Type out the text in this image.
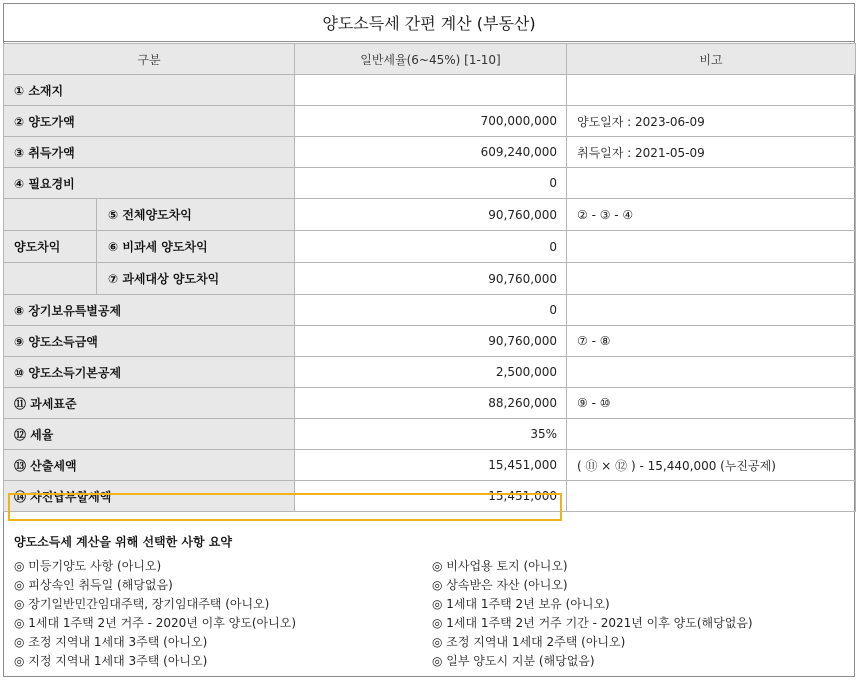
양도소득세 간편 계산 (부동산)
구분	일반세율(6~45%) [1-10]	비고
① 소재지		
② 양도가액	700,000,000	양도일자 : 2023-06-09
③ 취득가액	609,240,000	취득일자 : 2021-05-09
④ 필요경비	0	

⑤ 전체양도차익	90,760,000	② - ③ - ④

양도차익 ⑥ 비과세 양도차익	0	

⑦ 과세대상 양도차익	90,760,000	
⑧ 장기보유특별공제	0	
⑨ 양도소득금액	90,760,000	⑦ - ⑧
⑩ 양도소득기본공제	2,500,000	
⑪ 과세표준	88,260,000	⑨ - ⑩
⑫ 세율	35%	
⑬ 산출세액	15,451,000	( ⑪ × ⑫ ) - 15,440,000 (누진공제)
⑭ 자진납부할세액	15,451,000	
양도소득세 계산을 위해 선택한 사항 요약
◎ 미등기양도 사항 (아니오)	◎ 비사업용 토지 (아니오)
◎ 피상속인 취득일 (해당없음)	◎ 상속받은 자산 (아니오)
◎ 장기일반민간임대주택, 장기임대주택 (아니오)	◎ 1세대 1주택 2년 보유 (아니오)
◎ 1세대 1주택 2년 거주 - 2020년 이후 양도(아니오)	◎ 1세대 1주택 2년 거주 기간 - 2021년 이후 양도(해당없음)
◎ 조정 지역내 1세대 3주택 (아니오)	◎ 조정 지역내 1세대 2주택 (아니오)
◎ 지정 지역내 1세대 3주택 (아니오)	◎ 일부 양도시 지분 (해당없음)
